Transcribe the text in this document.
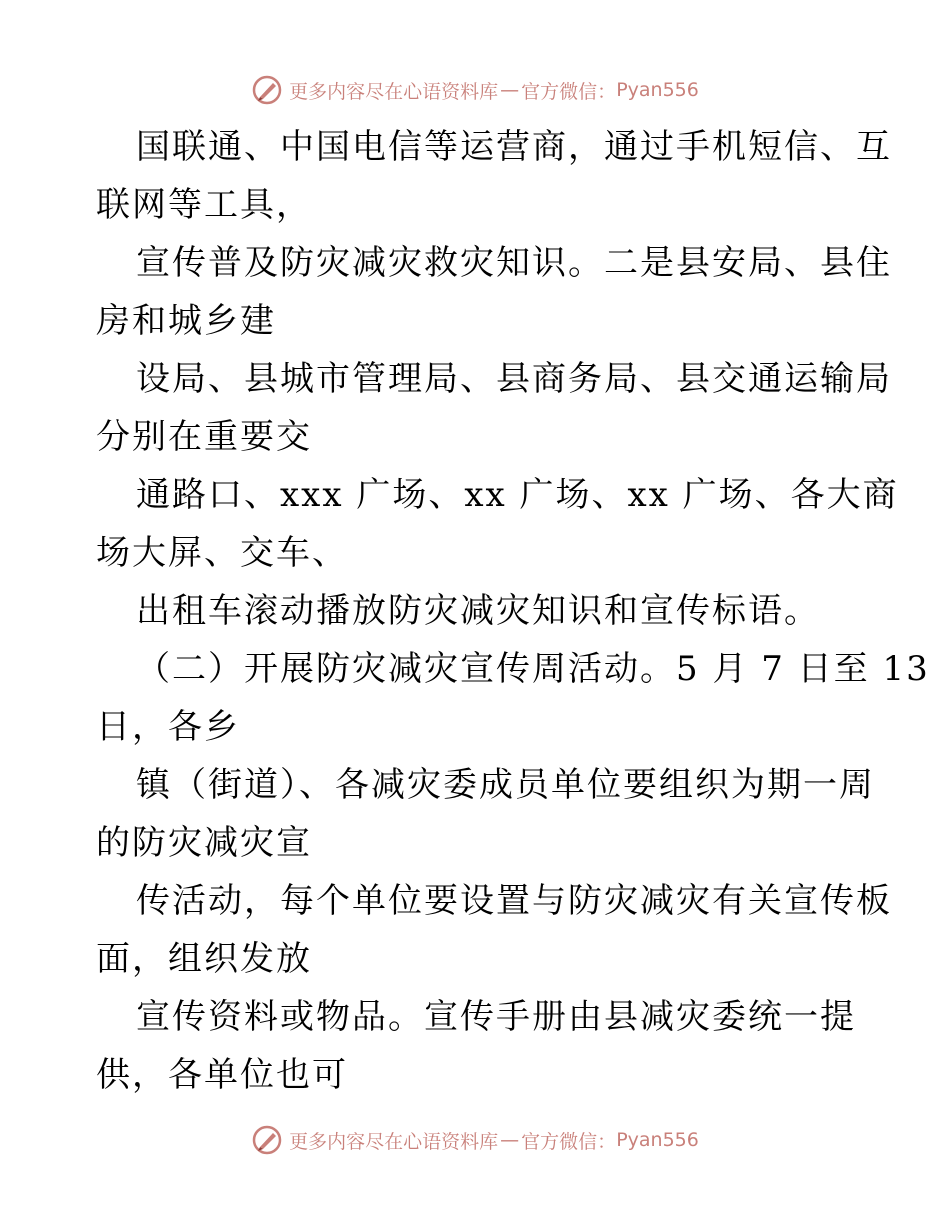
更多内容尽在心语资料库 — 官方微信： Pyan556
国联通、中国电信等运营商，通过手机短信、互
联网等工具，
宣传普及防灾减灾救灾知识。二是县安局、县住
房和城乡建
设局、县城市管理局、县商务局、县交通运输局
分别在重要交
通路口、xxx 广场、xx 广场、xx 广场、各大商
场大屏、交车、
出租车滚动播放防灾减灾知识和宣传标语。
（二）开展防灾减灾宣传周活动。5 月 7 日至 13
日，各乡
镇（街道）、各减灾委成员单位要组织为期一周
的防灾减灾宣
传活动，每个单位要设置与防灾减灾有关宣传板
面，组织发放
宣传资料或物品。宣传手册由县减灾委统一提
供，各单位也可
更多内容尽在心语资料库 — 官方微信： Pyan556
